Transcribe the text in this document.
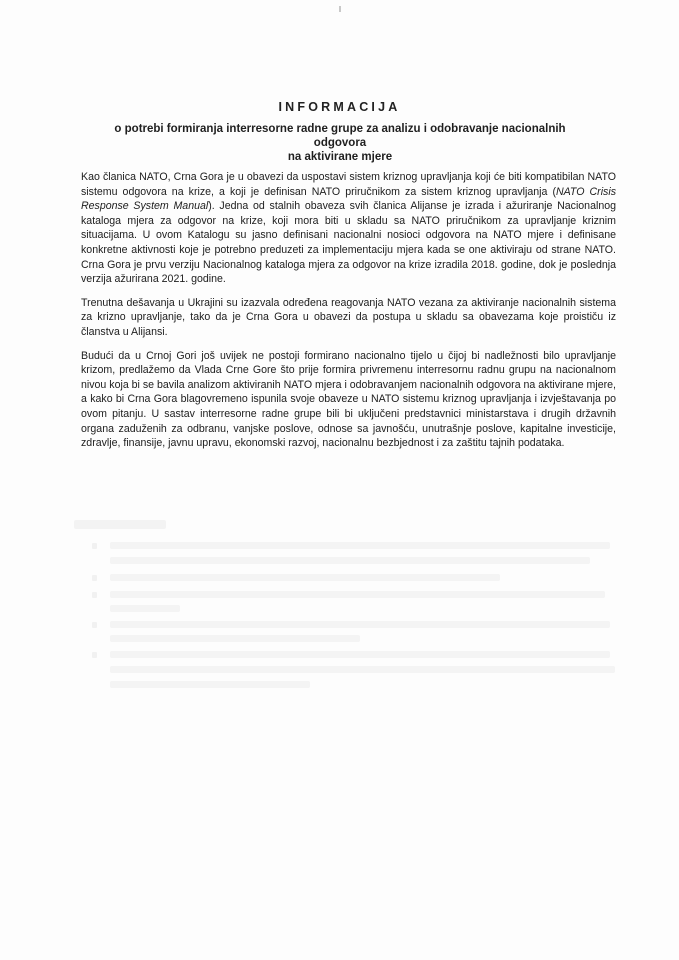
INFORMACIJA
o potrebi formiranja interresorne radne grupe za analizu i odobravanje nacionalnih odgovora
na aktivirane mjere

Kao članica NATO, Crna Gora je u obavezi da uspostavi sistem kriznog upravljanja koji će biti kompatibilan NATO sistemu odgovora na krize, a koji je definisan NATO priručnikom za sistem kriznog upravljanja (NATO Crisis Response System Manual). Jedna od stalnih obaveza svih članica Alijanse je izrada i ažuriranje Nacionalnog kataloga mjera za odgovor na krize, koji mora biti u skladu sa NATO priručnikom za upravljanje kriznim situacijama. U ovom Katalogu su jasno definisani nacionalni nosioci odgovora na NATO mjere i definisane konkretne aktivnosti koje je potrebno preduzeti za implementaciju mjera kada se one aktiviraju od strane NATO. Crna Gora je prvu verziju Nacionalnog kataloga mjera za odgovor na krize izradila 2018. godine, dok je poslednja verzija ažurirana 2021. godine.

Trenutna dešavanja u Ukrajini su izazvala određena reagovanja NATO vezana za aktiviranje nacionalnih sistema za krizno upravljanje, tako da je Crna Gora u obavezi da postupa u skladu sa obavezama koje proističu iz članstva u Alijansi.

Budući da u Crnoj Gori još uvijek ne postoji formirano nacionalno tijelo u čijoj bi nadležnosti bilo upravljanje krizom, predlažemo da Vlada Crne Gore što prije formira privremenu interresornu radnu grupu na nacionalnom nivou koja bi se bavila analizom aktiviranih NATO mjera i odobravanjem nacionalnih odgovora na aktivirane mjere, a kako bi Crna Gora blagovremeno ispunila svoje obaveze u NATO sistemu kriznog upravljanja i izvještavanja po ovom pitanju. U sastav interresorne radne grupe bili bi uključeni predstavnici ministarstava i drugih državnih organa zaduženih za odbranu, vanjske poslove, odnose sa javnošću, unutrašnje poslove, kapitalne investicije, zdravlje, finansije, javnu upravu, ekonomski razvoj, nacionalnu bezbjednost i za zaštitu tajnih podataka.
